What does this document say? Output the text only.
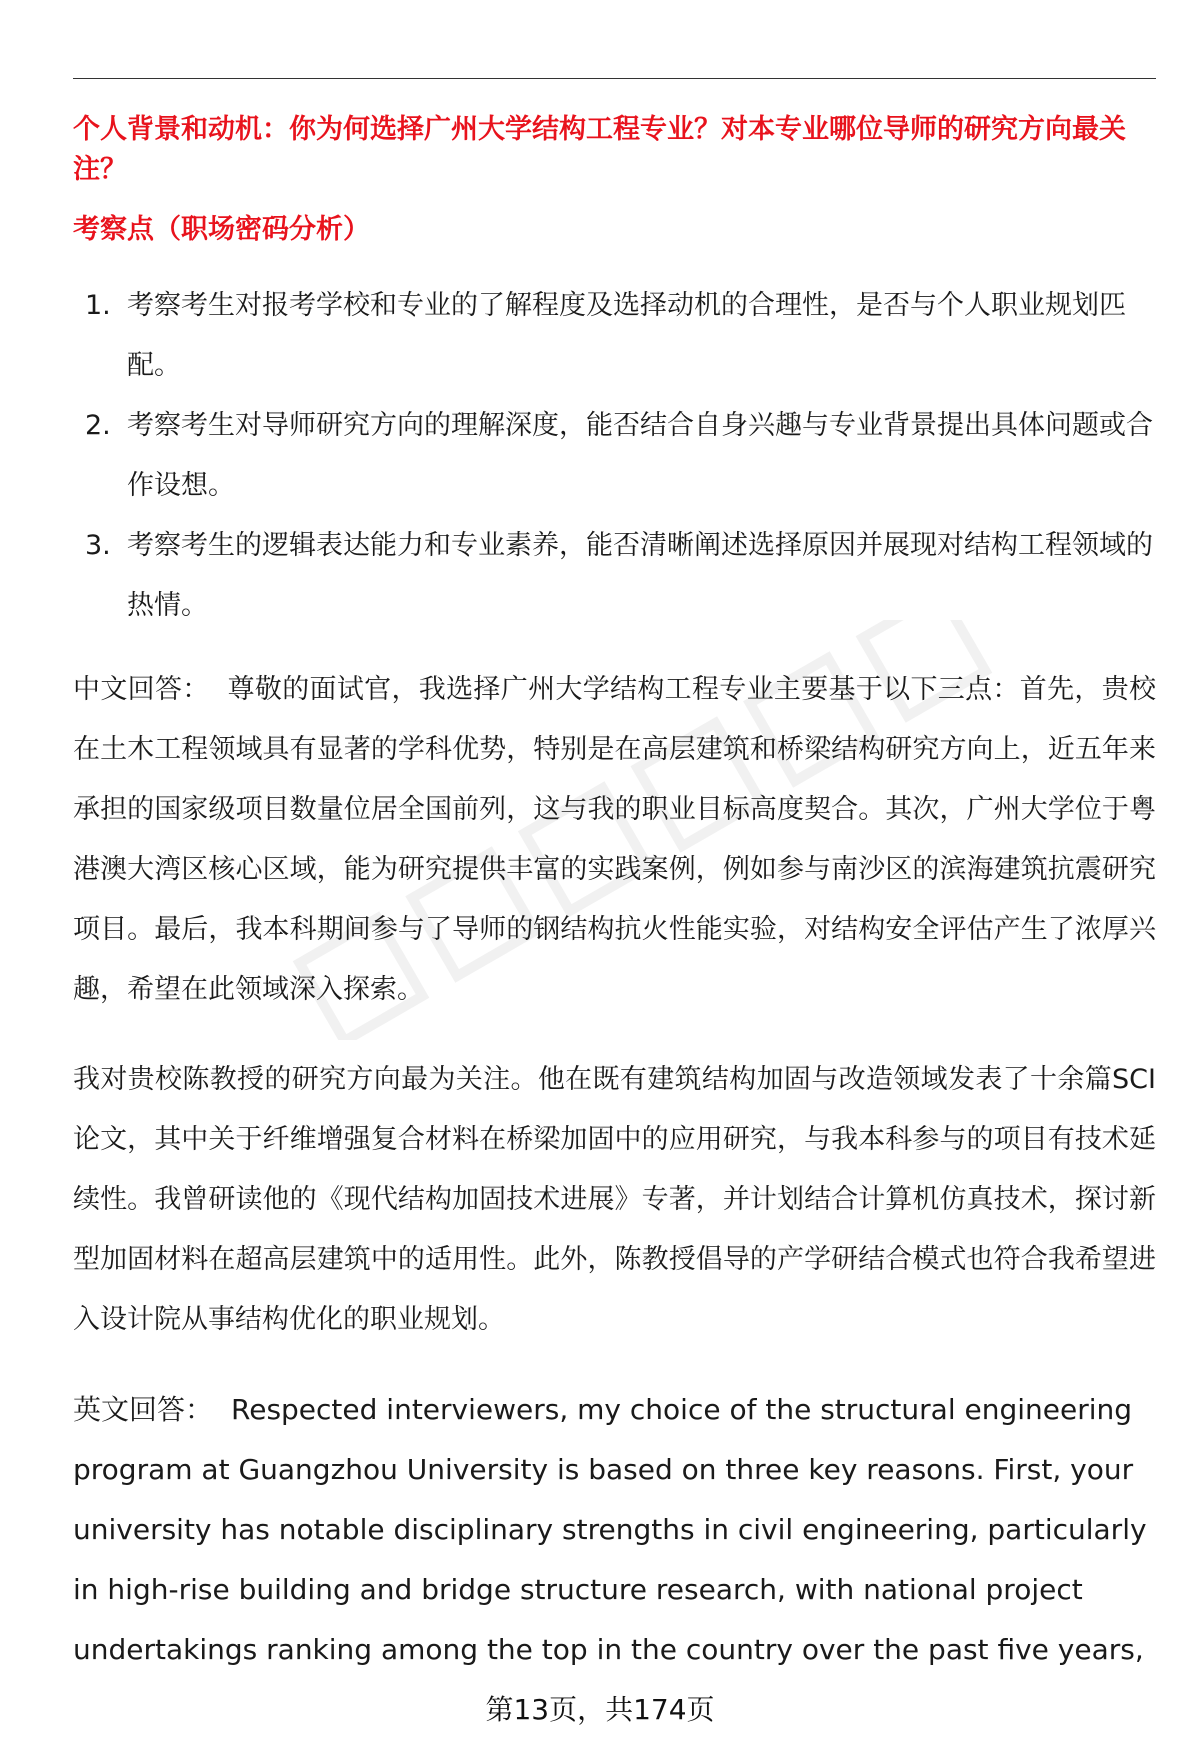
个人背景和动机：你为何选择广州大学结构工程专业？对本专业哪位导师的研究方向最关注？

考察点（职场密码分析）

1. 考察考生对报考学校和专业的了解程度及选择动机的合理性，是否与个人职业规划匹配。
2. 考察考生对导师研究方向的理解深度，能否结合自身兴趣与专业背景提出具体问题或合作设想。
3. 考察考生的逻辑表达能力和专业素养，能否清晰阐述选择原因并展现对结构工程领域的热情。

中文回答： 尊敬的面试官，我选择广州大学结构工程专业主要基于以下三点：首先，贵校在土木工程领域具有显著的学科优势，特别是在高层建筑和桥梁结构研究方向上，近五年来承担的国家级项目数量位居全国前列，这与我的职业目标高度契合。其次，广州大学位于粤港澳大湾区核心区域，能为研究提供丰富的实践案例，例如参与南沙区的滨海建筑抗震研究项目。最后，我本科期间参与了导师的钢结构抗火性能实验，对结构安全评估产生了浓厚兴趣，希望在此领域深入探索。

我对贵校陈教授的研究方向最为关注。他在既有建筑结构加固与改造领域发表了十余篇SCI论文，其中关于纤维增强复合材料在桥梁加固中的应用研究，与我本科参与的项目有技术延续性。我曾研读他的《现代结构加固技术进展》专著，并计划结合计算机仿真技术，探讨新型加固材料在超高层建筑中的适用性。此外，陈教授倡导的产学研结合模式也符合我希望进入设计院从事结构优化的职业规划。

英文回答： Respected interviewers, my choice of the structural engineering program at Guangzhou University is based on three key reasons. First, your university has notable disciplinary strengths in civil engineering, particularly in high-rise building and bridge structure research, with national project undertakings ranking among the top in the country over the past five years,

第13页，共174页
